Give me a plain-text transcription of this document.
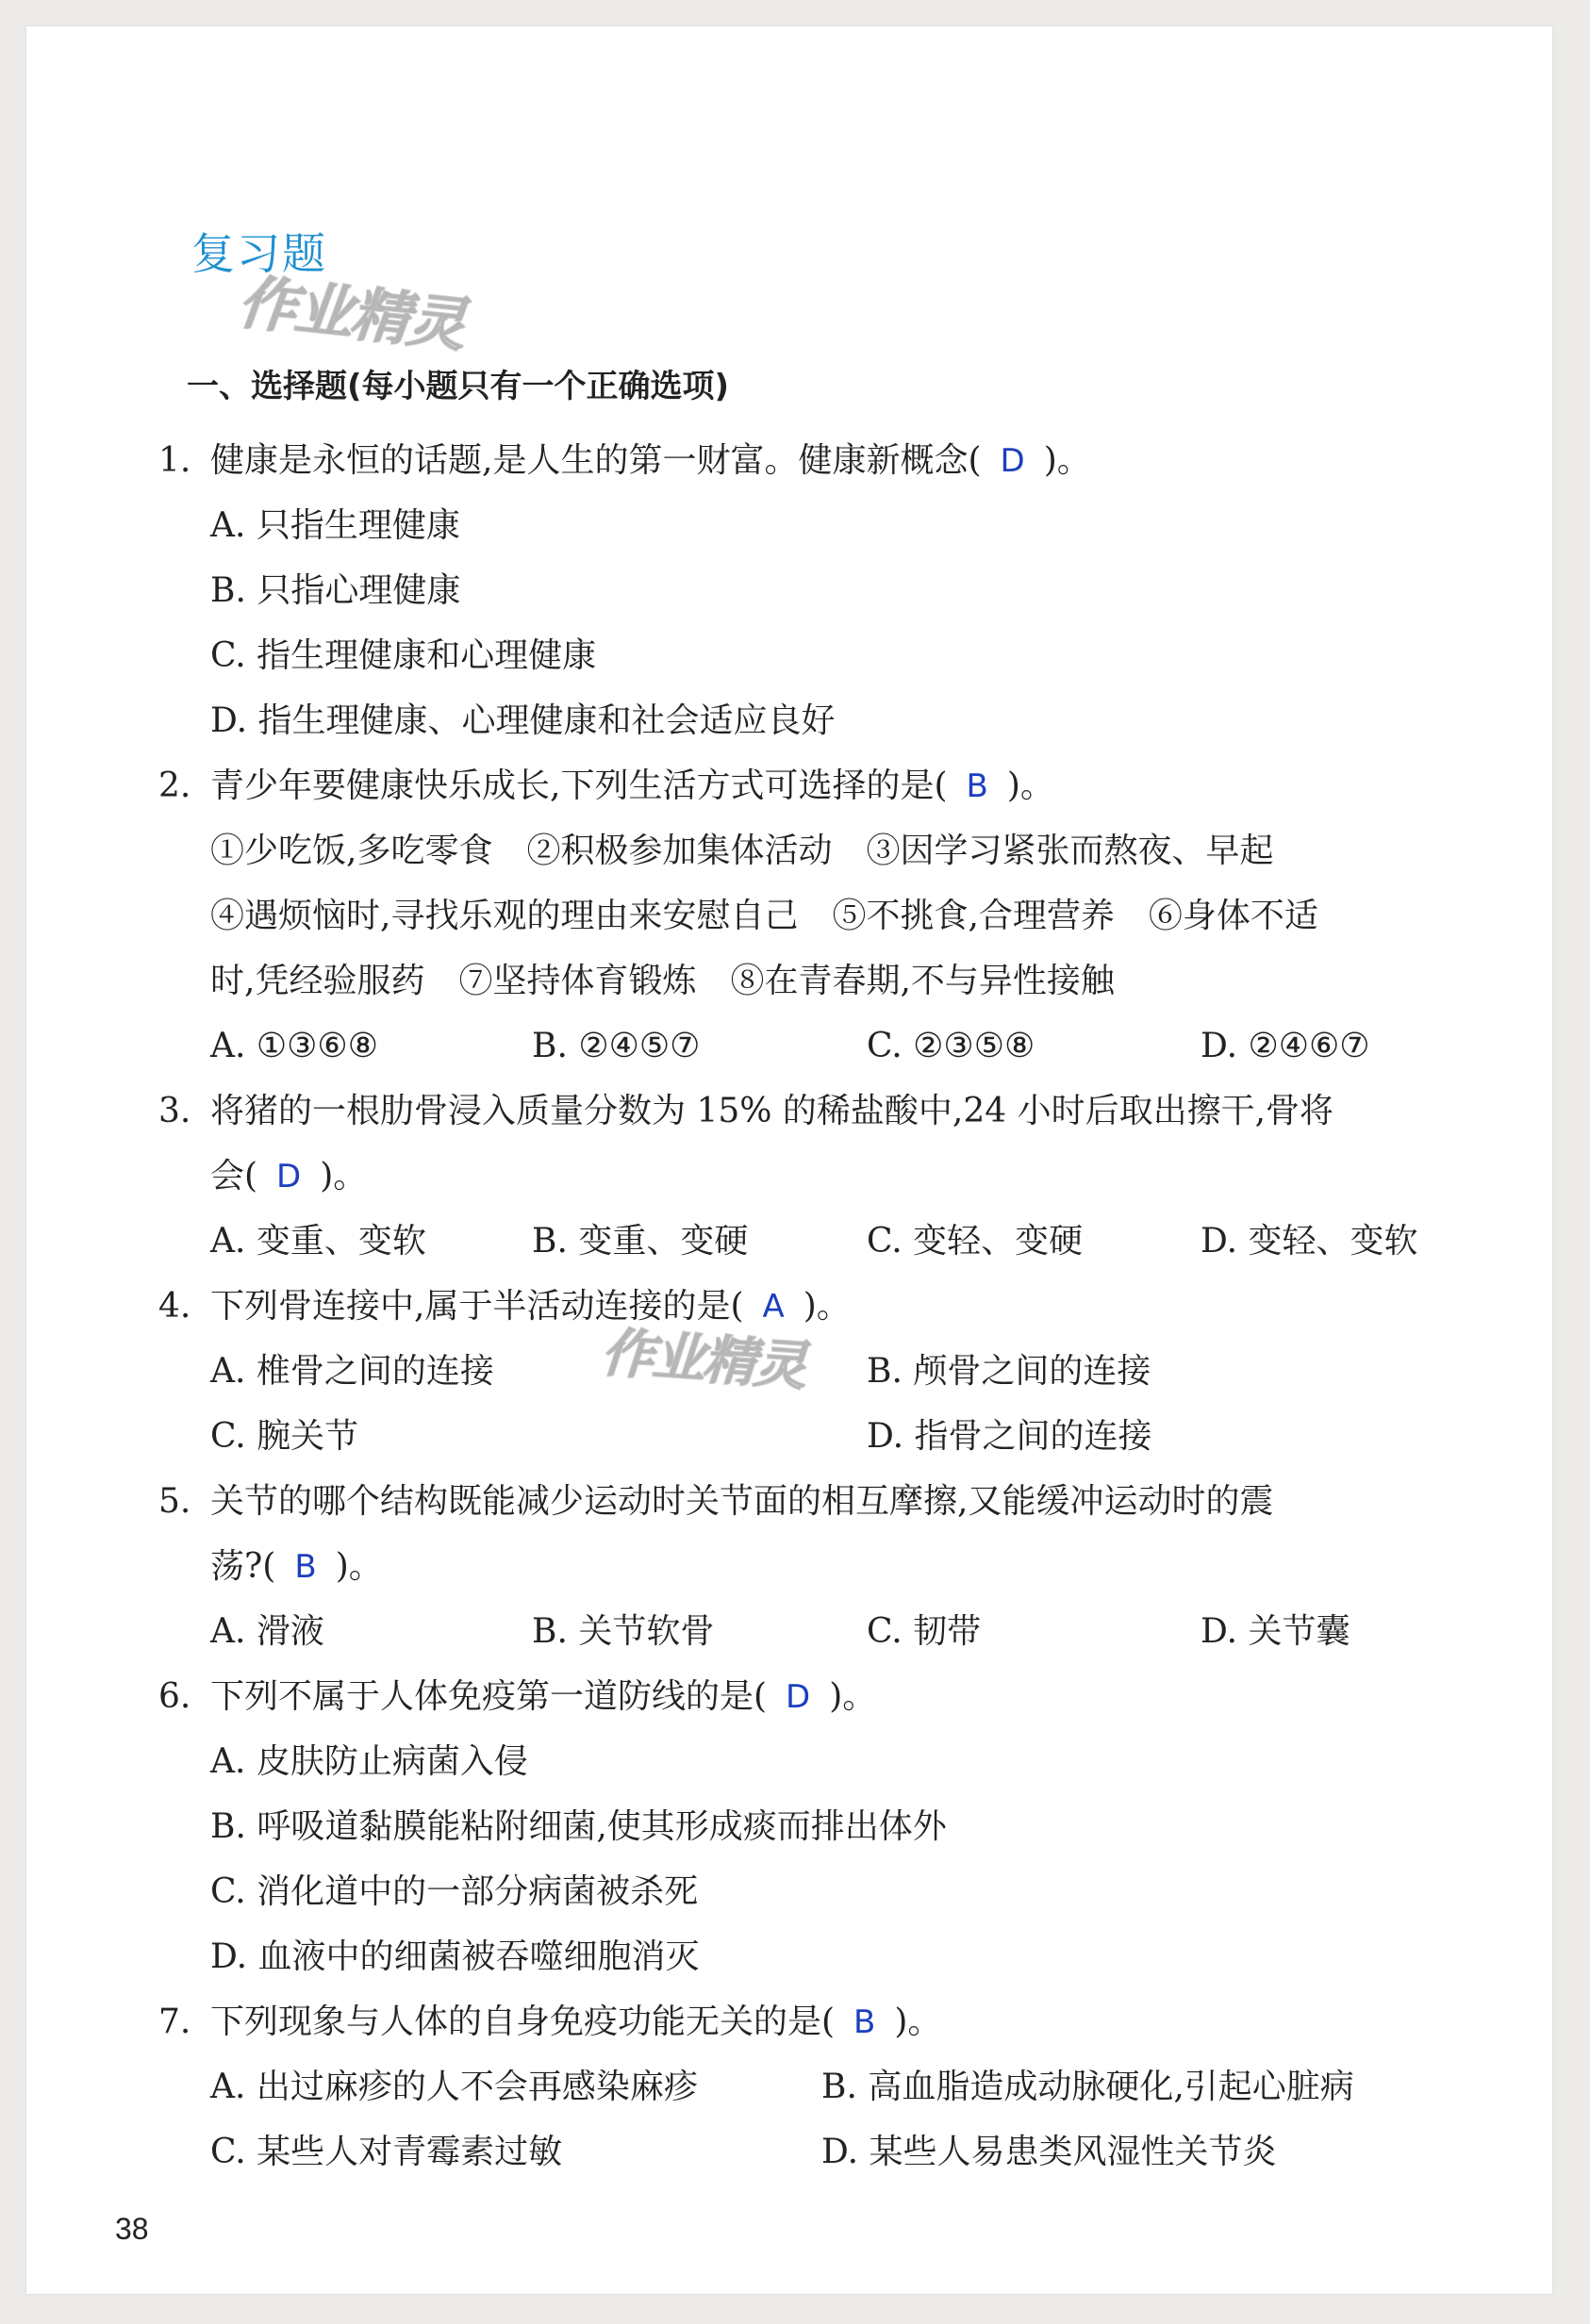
复习题
作业精灵
作业精灵
一、选择题(每小题只有一个正确选项)
1. 健康是永恒的话题,是人生的第一财富。健康新概念( D )。
A. 只指生理健康
B. 只指心理健康
C. 指生理健康和心理健康
D. 指生理健康、心理健康和社会适应良好
2. 青少年要健康快乐成长,下列生活方式可选择的是( B )。
①少吃饭,多吃零食　②积极参加集体活动　③因学习紧张而熬夜、早起
④遇烦恼时,寻找乐观的理由来安慰自己　⑤不挑食,合理营养　⑥身体不适
时,凭经验服药　⑦坚持体育锻炼　⑧在青春期,不与异性接触
A. ①③⑥⑧	B. ②④⑤⑦	C. ②③⑤⑧	D. ②④⑥⑦
3. 将猪的一根肋骨浸入质量分数为 15% 的稀盐酸中,24 小时后取出擦干,骨将
会( D )。
A. 变重、变软	B. 变重、变硬	C. 变轻、变硬	D. 变轻、变软
4. 下列骨连接中,属于半活动连接的是( A )。
A. 椎骨之间的连接	B. 颅骨之间的连接
C. 腕关节	D. 指骨之间的连接
5. 关节的哪个结构既能减少运动时关节面的相互摩擦,又能缓冲运动时的震
荡?( B )。
A. 滑液	B. 关节软骨	C. 韧带	D. 关节囊
6. 下列不属于人体免疫第一道防线的是( D )。
A. 皮肤防止病菌入侵
B. 呼吸道黏膜能粘附细菌,使其形成痰而排出体外
C. 消化道中的一部分病菌被杀死
D. 血液中的细菌被吞噬细胞消灭
7. 下列现象与人体的自身免疫功能无关的是( B )。
A. 出过麻疹的人不会再感染麻疹	B. 高血脂造成动脉硬化,引起心脏病
C. 某些人对青霉素过敏	D. 某些人易患类风湿性关节炎
38
